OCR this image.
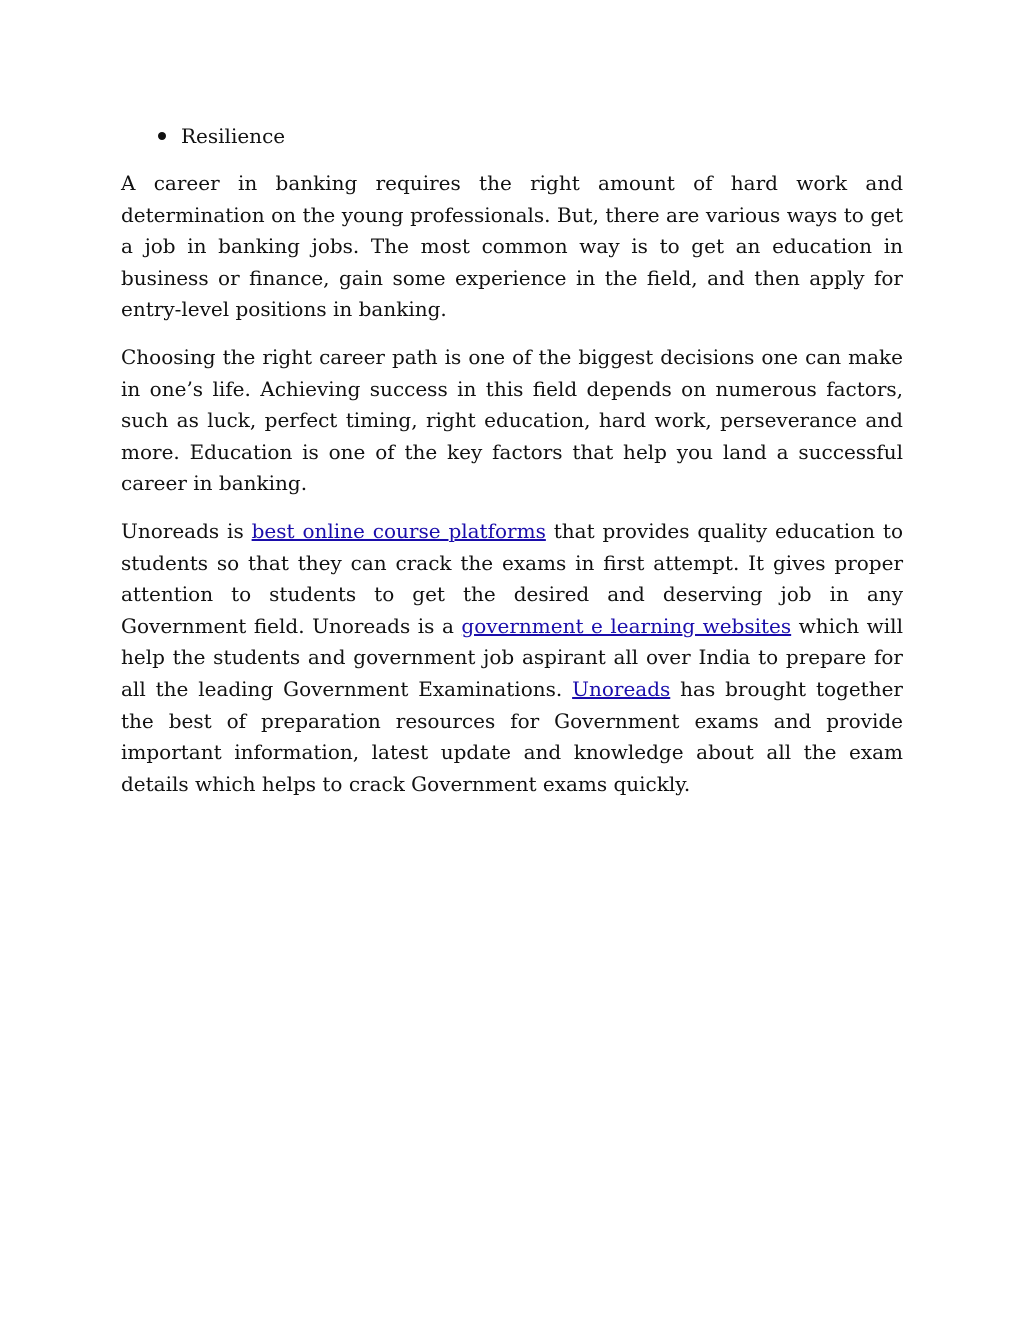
Resilience

A career in banking requires the right amount of hard work and determination on the young professionals. But, there are various ways to get a job in banking jobs. The most common way is to get an education in business or finance, gain some experience in the field, and then apply for entry-level positions in banking.

Choosing the right career path is one of the biggest decisions one can make in one’s life. Achieving success in this field depends on numerous factors, such as luck, perfect timing, right education, hard work, perseverance and more. Education is one of the key factors that help you land a successful career in banking.

Unoreads is best online course platforms that provides quality education to students so that they can crack the exams in first attempt. It gives proper attention to students to get the desired and deserving job in any Government field. Unoreads is a government e learning websites which will help the students and government job aspirant all over India to prepare for all the leading Government Examinations. Unoreads has brought together the best of preparation resources for Government exams and provide important information, latest update and knowledge about all the exam details which helps to crack Government exams quickly.
